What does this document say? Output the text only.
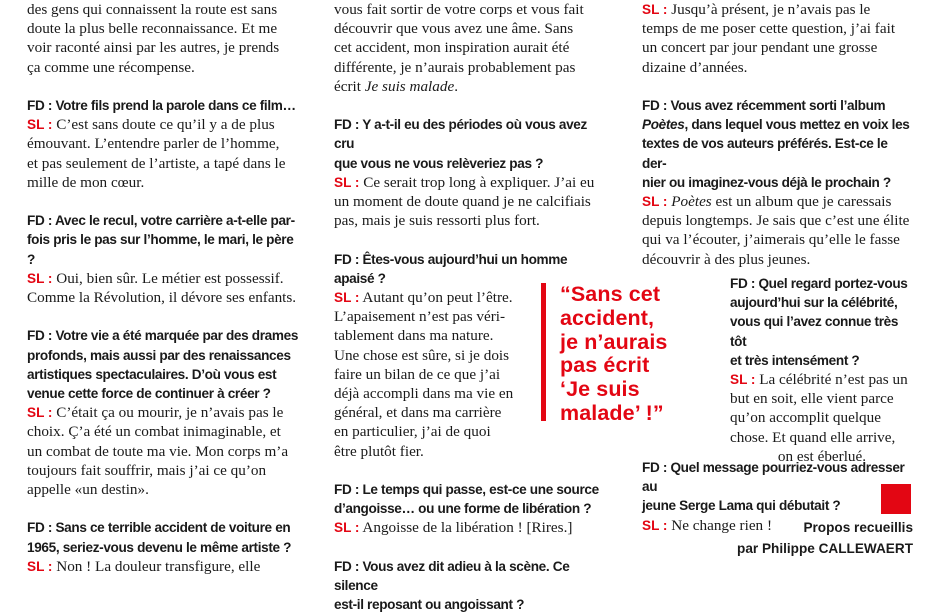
des gens qui connaissent la route est sans
doute la plus belle reconnaissance. Et me
voir raconté ainsi par les autres, je prends
ça comme une récompense.

FD : Votre fils prend la parole dans ce film…

SL : C’est sans doute ce qu’il y a de plus
émouvant. L’entendre parler de l’homme,
et pas seulement de l’artiste, a tapé dans le
mille de mon cœur.

FD : Avec le recul, votre carrière a-t-elle par-
fois pris le pas sur l’homme, le mari, le père ?

SL : Oui, bien sûr. Le métier est possessif.
Comme la Révolution, il dévore ses enfants.

FD : Votre vie a été marquée par des drames
profonds, mais aussi par des renaissances
artistiques spectaculaires. D’où vous est
venue cette force de continuer à créer ?

SL : C’était ça ou mourir, je n’avais pas le
choix. Ç’a été un combat inimaginable, et
un combat de toute ma vie. Mon corps m’a
toujours fait souffrir, mais j’ai ce qu’on
appelle «un destin».

FD : Sans ce terrible accident de voiture en
1965, seriez-vous devenu le même artiste ?

SL : Non ! La douleur transfigure, elle

vous fait sortir de votre corps et vous fait
découvrir que vous avez une âme. Sans
cet accident, mon inspiration aurait été
différente, je n’aurais probablement pas
écrit Je suis malade.

FD : Y a-t-il eu des périodes où vous avez cru
que vous ne vous relèveriez pas ?

SL : Ce serait trop long à expliquer. J’ai eu
un moment de doute quand je ne calcifiais
pas, mais je suis ressorti plus fort.

FD : Êtes-vous aujourd’hui un homme apaisé ?

SL : Autant qu’on peut l’être.
L’apaisement n’est pas véri-
tablement dans ma nature.
Une chose est sûre, si je dois
faire un bilan de ce que j’ai
déjà accompli dans ma vie en
général, et dans ma carrière
en particulier, j’ai de quoi
être plutôt fier.

FD : Le temps qui passe, est-ce une source
d’angoisse… ou une forme de libération ?

SL : Angoisse de la libération ! [Rires.]

FD : Vous avez dit adieu à la scène. Ce silence
est-il reposant ou angoissant ?

“Sans cet
accident,
je n’aurais
pas écrit
‘Je suis
malade’ !”

SL : Jusqu’à présent, je n’avais pas le
temps de me poser cette question, j’ai fait
un concert par jour pendant une grosse
dizaine d’années.

FD : Vous avez récemment sorti l’album
Poètes, dans lequel vous mettez en voix les
textes de vos auteurs préférés. Est-ce le der-
nier ou imaginez-vous déjà le prochain ?

SL : Poètes est un album que je caressais
depuis longtemps. Je sais que c’est une élite
qui va l’écouter, j’aimerais qu’elle le fasse
découvrir à des plus jeunes.

FD : Quel regard portez-vous
aujourd’hui sur la célébrité,
vous qui l’avez connue très tôt
et très intensément ?

SL : La célébrité n’est pas un
but en soit, elle vient parce
qu’on accomplit quelque
chose. Et quand elle arrive,
on est éberlué.

FD : Quel message pourriez-vous adresser au
jeune Serge Lama qui débutait ?

SL : Ne change rien !	Propos recueillis
par Philippe CALLEWAERT
